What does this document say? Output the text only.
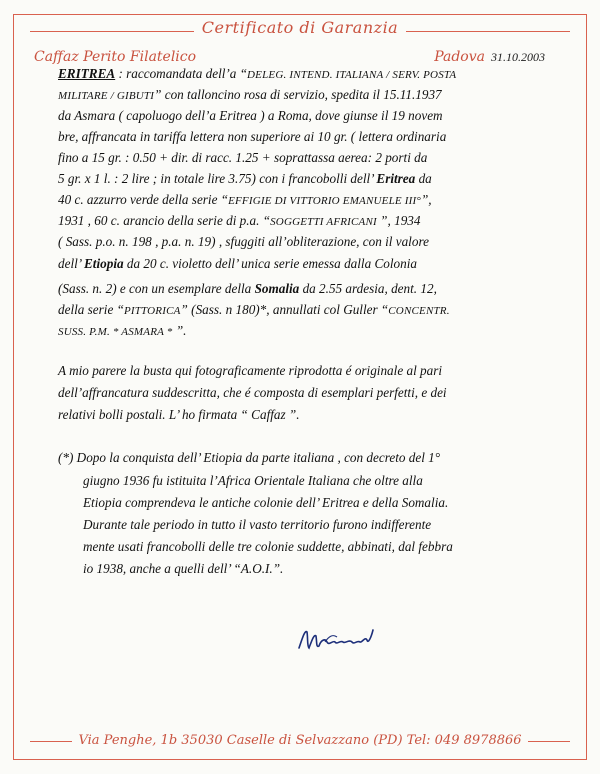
Certificato di Garanzia
Caffaz Perito Filatelico	Padova 31.10.2003
ERITREA : raccomandata dell’a “DELEG. INTEND. ITALIANA / SERV. POSTA
MILITARE / GIBUTI” con talloncino rosa di servizio, spedita il 15.11.1937
da Asmara ( capoluogo dell’a Eritrea ) a Roma, dove giunse il 19 novem
bre, affrancata in tariffa lettera non superiore ai 10 gr. ( lettera ordinaria
fino a 15 gr. : 0.50 + dir. di racc. 1.25 + soprattassa aerea: 2 porti da
5 gr. x 1 l. : 2 lire ; in totale lire 3.75) con i francobolli dell’ Eritrea da
40 c. azzurro verde della serie “EFFIGIE DI VITTORIO EMANUELE III°”,
1931 , 60 c. arancio della serie di p.a. “SOGGETTI AFRICANI ”, 1934
( Sass. p.o. n. 198 , p.a. n. 19) , sfuggiti all’obliterazione, con il valore
dell’ Etiopia da 20 c. violetto dell’ unica serie emessa dalla Colonia
(Sass. n. 2) e con un esemplare della Somalia da 2.55 ardesia, dent. 12,
della serie “PITTORICA” (Sass. n 180)*, annullati col Guller “CONCENTR.
SUSS. P.M. * ASMARA * ”.
A mio parere la busta qui fotograficamente riprodotta é originale al pari
dell’affrancatura suddescritta, che é composta di esemplari perfetti, e dei
relativi bolli postali. L’ ho firmata “ Caffaz ”.
(*) Dopo la conquista dell’ Etiopia da parte italiana , con decreto del 1°
giugno 1936 fu istituita l’Africa Orientale Italiana che oltre alla
Etiopia comprendeva le antiche colonie dell’ Eritrea e della Somalia.
Durante tale periodo in tutto il vasto territorio furono indifferente
mente usati francobolli delle tre colonie suddette, abbinati, dal febbra
io 1938, anche a quelli dell’ “A.O.I.”.
Via Penghe, 1b 35030 Caselle di Selvazzano (PD) Tel: 049 8978866
